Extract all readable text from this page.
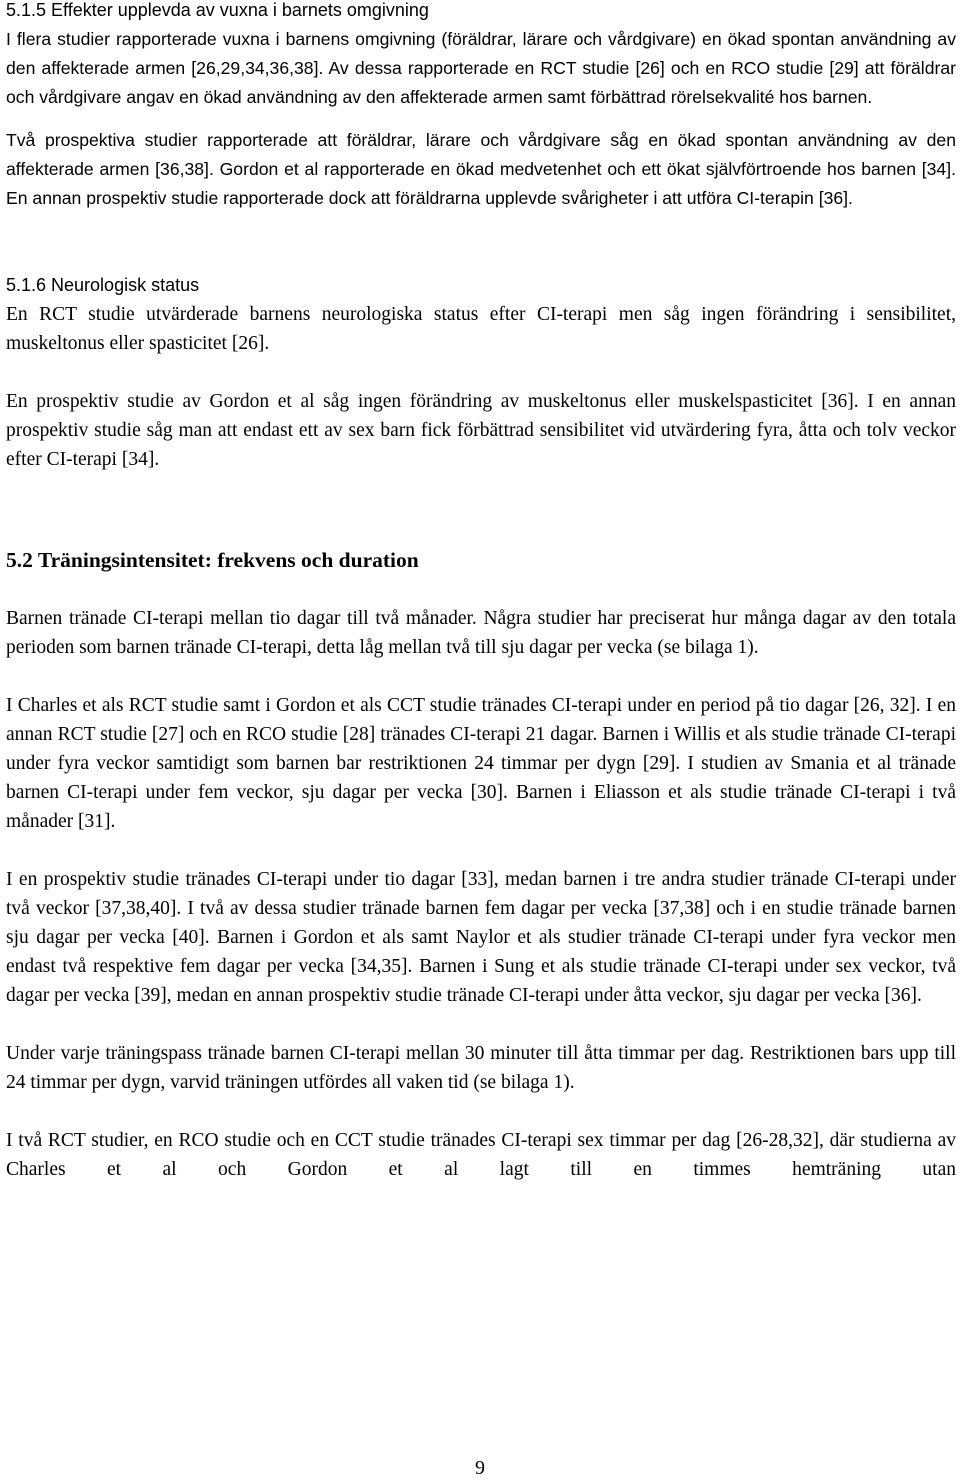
5.1.5 Effekter upplevda av vuxna i barnets omgivning

I flera studier rapporterade vuxna i barnens omgivning (föräldrar, lärare och vårdgivare) en ökad spontan användning av den affekterade armen [26,29,34,36,38]. Av dessa rapporterade en RCT studie [26] och en RCO studie [29] att föräldrar och vårdgivare angav en ökad användning av den affekterade armen samt förbättrad rörelsekvalité hos barnen.

Två prospektiva studier rapporterade att föräldrar, lärare och vårdgivare såg en ökad spontan användning av den affekterade armen [36,38]. Gordon et al rapporterade en ökad medvetenhet och ett ökat självförtroende hos barnen [34]. En annan prospektiv studie rapporterade dock att föräldrarna upplevde svårigheter i att utföra CI-terapin [36].

5.1.6 Neurologisk status

En RCT studie utvärderade barnens neurologiska status efter CI-terapi men såg ingen förändring i sensibilitet, muskeltonus eller spasticitet [26].

En prospektiv studie av Gordon et al såg ingen förändring av muskeltonus eller muskelspasticitet [36]. I en annan prospektiv studie såg man att endast ett av sex barn fick förbättrad sensibilitet vid utvärdering fyra, åtta och tolv veckor efter CI-terapi [34].

5.2 Träningsintensitet: frekvens och duration

Barnen tränade CI-terapi mellan tio dagar till två månader. Några studier har preciserat hur många dagar av den totala perioden som barnen tränade CI-terapi, detta låg mellan två till sju dagar per vecka (se bilaga 1).

I Charles et als RCT studie samt i Gordon et als CCT studie tränades CI-terapi under en period på tio dagar [26, 32]. I en annan RCT studie [27] och en RCO studie [28] tränades CI-terapi 21 dagar. Barnen i Willis et als studie tränade CI-terapi under fyra veckor samtidigt som barnen bar restriktionen 24 timmar per dygn [29]. I studien av Smania et al tränade barnen CI-terapi under fem veckor, sju dagar per vecka [30]. Barnen i Eliasson et als studie tränade CI-terapi i två månader [31].

I en prospektiv studie tränades CI-terapi under tio dagar [33], medan barnen i tre andra studier tränade CI-terapi under två veckor [37,38,40]. I två av dessa studier tränade barnen fem dagar per vecka [37,38] och i en studie tränade barnen sju dagar per vecka [40]. Barnen i Gordon et als samt Naylor et als studier tränade CI-terapi under fyra veckor men endast två respektive fem dagar per vecka [34,35]. Barnen i Sung et als studie tränade CI-terapi under sex veckor, två dagar per vecka [39], medan en annan prospektiv studie tränade CI-terapi under åtta veckor, sju dagar per vecka [36].

Under varje träningspass tränade barnen CI-terapi mellan 30 minuter till åtta timmar per dag. Restriktionen bars upp till 24 timmar per dygn, varvid träningen utfördes all vaken tid (se bilaga 1).

I två RCT studier, en RCO studie och en CCT studie tränades CI-terapi sex timmar per dag [26-28,32], där studierna av Charles et al och Gordon et al lagt till en timmes hemträning utan

9
